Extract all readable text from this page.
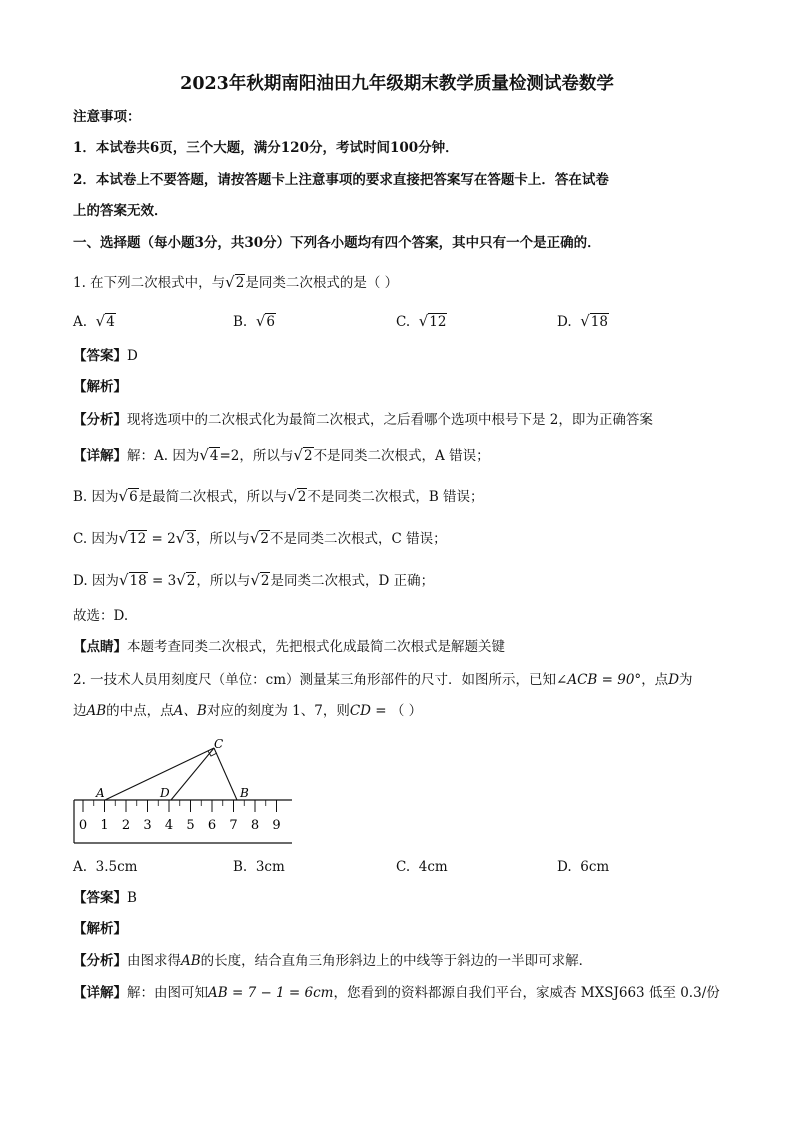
2023年秋期南阳油田九年级期末教学质量检测试卷数学
注意事项：
1．本试卷共6页，三个大题，满分120分，考试时间100分钟．
2．本试卷上不要答题，请按答题卡上注意事项的要求直接把答案写在答题卡上．答在试卷
上的答案无效．
一、选择题（每小题3分，共30分）下列各小题均有四个答案，其中只有一个是正确的．
1. 在下列二次根式中，与√2是同类二次根式的是（ ）
A. √4	B. √6	C. √12	D. √18
【答案】D
【解析】
【分析】现将选项中的二次根式化为最简二次根式，之后看哪个选项中根号下是 2，即为正确答案
【详解】解：A. 因为√4=2，所以与√2不是同类二次根式，A 错误；
B. 因为√6是最简二次根式，所以与√2不是同类二次根式，B 错误；
C. 因为√12 = 2√3，所以与√2不是同类二次根式，C 错误；
D. 因为√18 = 3√2，所以与√2是同类二次根式，D 正确；
故选：D.
【点睛】本题考查同类二次根式，先把根式化成最简二次根式是解题关键
2. 一技术人员用刻度尺（单位：cm）测量某三角形部件的尺寸．如图所示，已知∠ACB = 90°，点D为
边AB的中点，点A、B对应的刻度为 1、7，则CD = （ ）
0 1 2 3 4 5 6 7 8 9
A	D
C
B
A. 3.5cm	B. 3cm	C. 4cm	D. 6cm
【答案】B
【解析】
【分析】由图求得AB的长度，结合直角三角形斜边上的中线等于斜边的一半即可求解．
【详解】解：由图可知AB = 7 − 1 = 6cm，您看到的资料都源自我们平台，家威杏 MXSJ663 低至 0.3/份
